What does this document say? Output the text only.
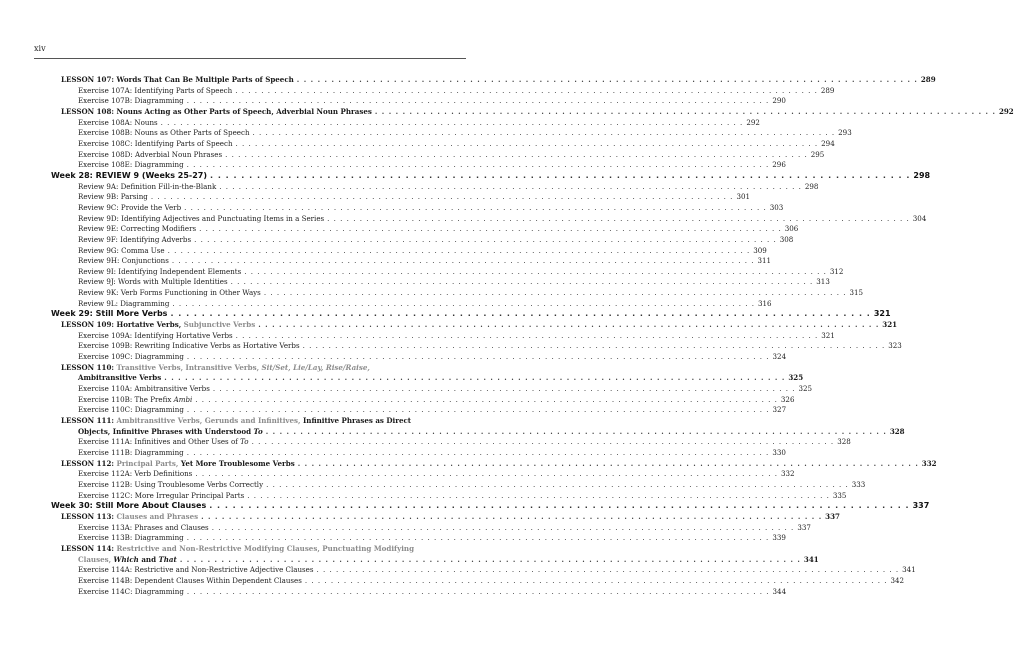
xiv
LESSON 107: Words That Can Be Multiple Parts of Speech . . .	289
Exercise 107A: Identifying Parts of Speech . . .	289
Exercise 107B: Diagramming . . .	290
LESSON 108: Nouns Acting as Other Parts of Speech, Adverbial Noun Phrases . . .	292
Exercise 108A: Nouns . . .	292
Exercise 108B: Nouns as Other Parts of Speech . . .	293
Exercise 108C: Identifying Parts of Speech . . .	294
Exercise 108D: Adverbial Noun Phrases . . .	295
Exercise 108E: Diagramming . . .	296
Week 28: REVIEW 9 (Weeks 25-27) . . .	298
Review 9A: Definition Fill-in-the-Blank . . .	298
Review 9B: Parsing . . .	301
Review 9C: Provide the Verb . . .	303
Review 9D: Identifying Adjectives and Punctuating Items in a Series . . .	304
Review 9E: Correcting Modifiers . . .	306
Review 9F: Identifying Adverbs . . .	308
Review 9G: Comma Use . . .	309
Review 9H: Conjunctions . . .	311
Review 9I: Identifying Independent Elements . . .	312
Review 9J: Words with Multiple Identities . . .	313
Review 9K: Verb Forms Functioning in Other Ways . . .	315
Review 9L: Diagramming . . .	316
Week 29: Still More Verbs . . .	321
LESSON 109: Hortative Verbs, Subjunctive Verbs . . .	321
Exercise 109A: Identifying Hortative Verbs . . .	321
Exercise 109B: Rewriting Indicative Verbs as Hortative Verbs . . .	323
Exercise 109C: Diagramming . . .	324
LESSON 110: Transitive Verbs, Intransitive Verbs, Sit/Set, Lie/Lay, Rise/Raise,
Ambitransitive Verbs . . .	325
Exercise 110A: Ambitransitive Verbs . . .	325
Exercise 110B: The Prefix Ambi . . .	326
Exercise 110C: Diagramming . . .	327
LESSON 111: Ambitransitive Verbs, Gerunds and Infinitives, Infinitive Phrases as Direct
Objects, Infinitive Phrases with Understood To . . .	328
Exercise 111A: Infinitives and Other Uses of To . . .	328
Exercise 111B: Diagramming . . .	330
LESSON 112: Principal Parts, Yet More Troublesome Verbs . . .	332
Exercise 112A: Verb Definitions . . .	332
Exercise 112B: Using Troublesome Verbs Correctly . . .	333
Exercise 112C: More Irregular Principal Parts . . .	335
Week 30: Still More About Clauses . . .	337
LESSON 113: Clauses and Phrases . . .	337
Exercise 113A: Phrases and Clauses . . .	337
Exercise 113B: Diagramming . . .	339
LESSON 114: Restrictive and Non-Restrictive Modifying Clauses, Punctuating Modifying
Clauses, Which and That . . .	341
Exercise 114A: Restrictive and Non-Restrictive Adjective Clauses . . .	341
Exercise 114B: Dependent Clauses Within Dependent Clauses . . .	342
Exercise 114C: Diagramming . . .	344
